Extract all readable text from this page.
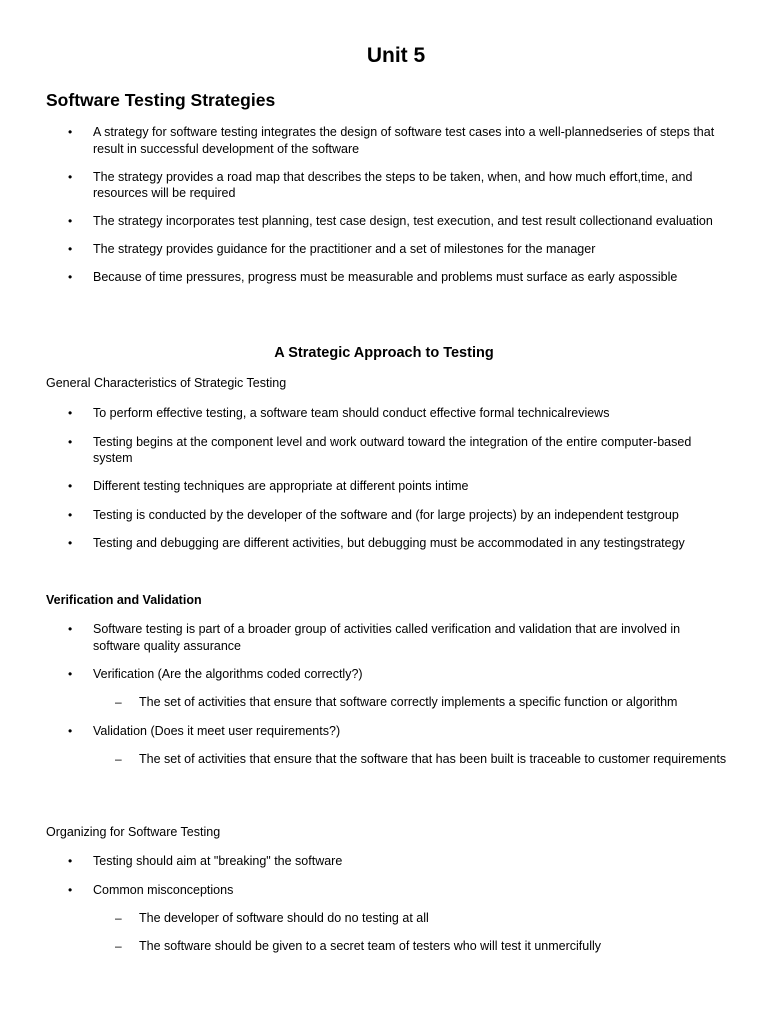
Unit 5
Software Testing Strategies
• A strategy for software testing integrates the design of software test cases into a well-plannedseries of steps that result in successful development of the software
• The strategy provides a road map that describes the steps to be taken, when, and how much effort,time, and resources will be required
• The strategy incorporates test planning, test case design, test execution, and test result collectionand evaluation
• The strategy provides guidance for the practitioner and a set of milestones for the manager
• Because of time pressures, progress must be measurable and problems must surface as early aspossible
A Strategic Approach to Testing

General Characteristics of Strategic Testing

• To perform effective testing, a software team should conduct effective formal technicalreviews
• Testing begins at the component level and work outward toward the integration of the entire computer-based system
• Different testing techniques are appropriate at different points intime
• Testing is conducted by the developer of the software and (for large projects) by an independent testgroup
• Testing and debugging are different activities, but debugging must be accommodated in any testingstrategy

Verification and Validation

• Software testing is part of a broader group of activities called verification and validation that are involved in software quality assurance
• Verification (Are the algorithms coded correctly?)
– The set of activities that ensure that software correctly implements a specific function or algorithm
• Validation (Does it meet user requirements?)
– The set of activities that ensure that the software that has been built is traceable to customer requirements

Organizing for Software Testing

• Testing should aim at "breaking" the software
• Common misconceptions
– The developer of software should do no testing at all
– The software should be given to a secret team of testers who will test it unmercifully
